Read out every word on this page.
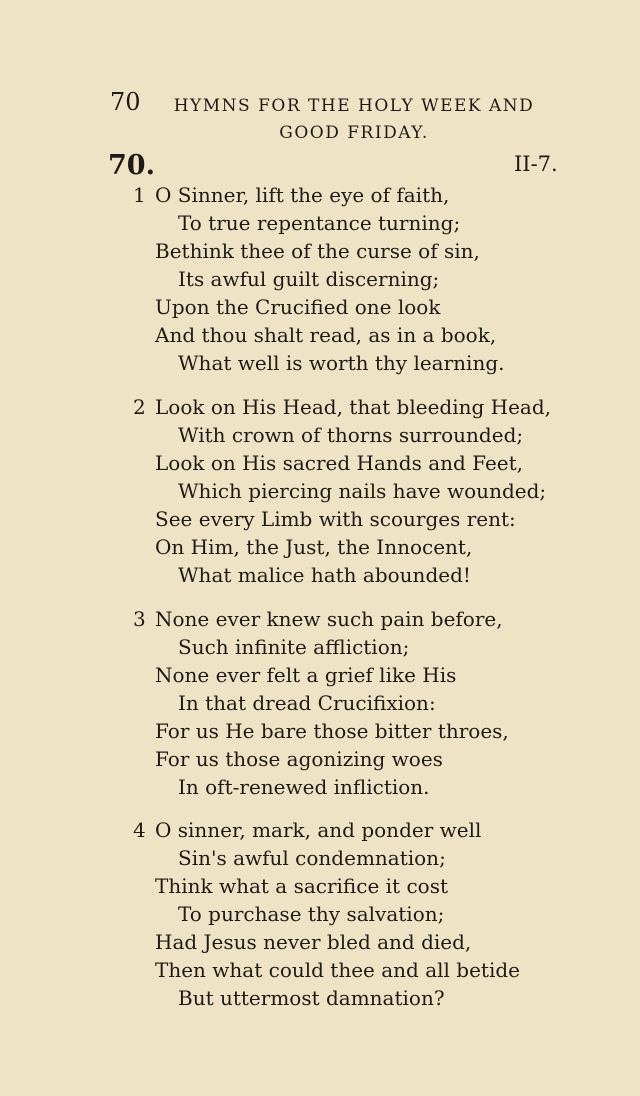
70	HYMNS FOR THE HOLY WEEK AND
GOOD FRIDAY.
70.	II-7.
1 O Sinner, lift the eye of faith,
To true repentance turning;
Bethink thee of the curse of sin,
Its awful guilt discerning;
Upon the Crucified one look
And thou shalt read, as in a book,
What well is worth thy learning.
2 Look on His Head, that bleeding Head,
With crown of thorns surrounded;
Look on His sacred Hands and Feet,
Which piercing nails have wounded;
See every Limb with scourges rent:
On Him, the Just, the Innocent,
What malice hath abounded!
3 None ever knew such pain before,
Such infinite affliction;
None ever felt a grief like His
In that dread Crucifixion:
For us He bare those bitter throes,
For us those agonizing woes
In oft-renewed infliction.
4 O sinner, mark, and ponder well
Sin's awful condemnation;
Think what a sacrifice it cost
To purchase thy salvation;
Had Jesus never bled and died,
Then what could thee and all betide
But uttermost damnation?
